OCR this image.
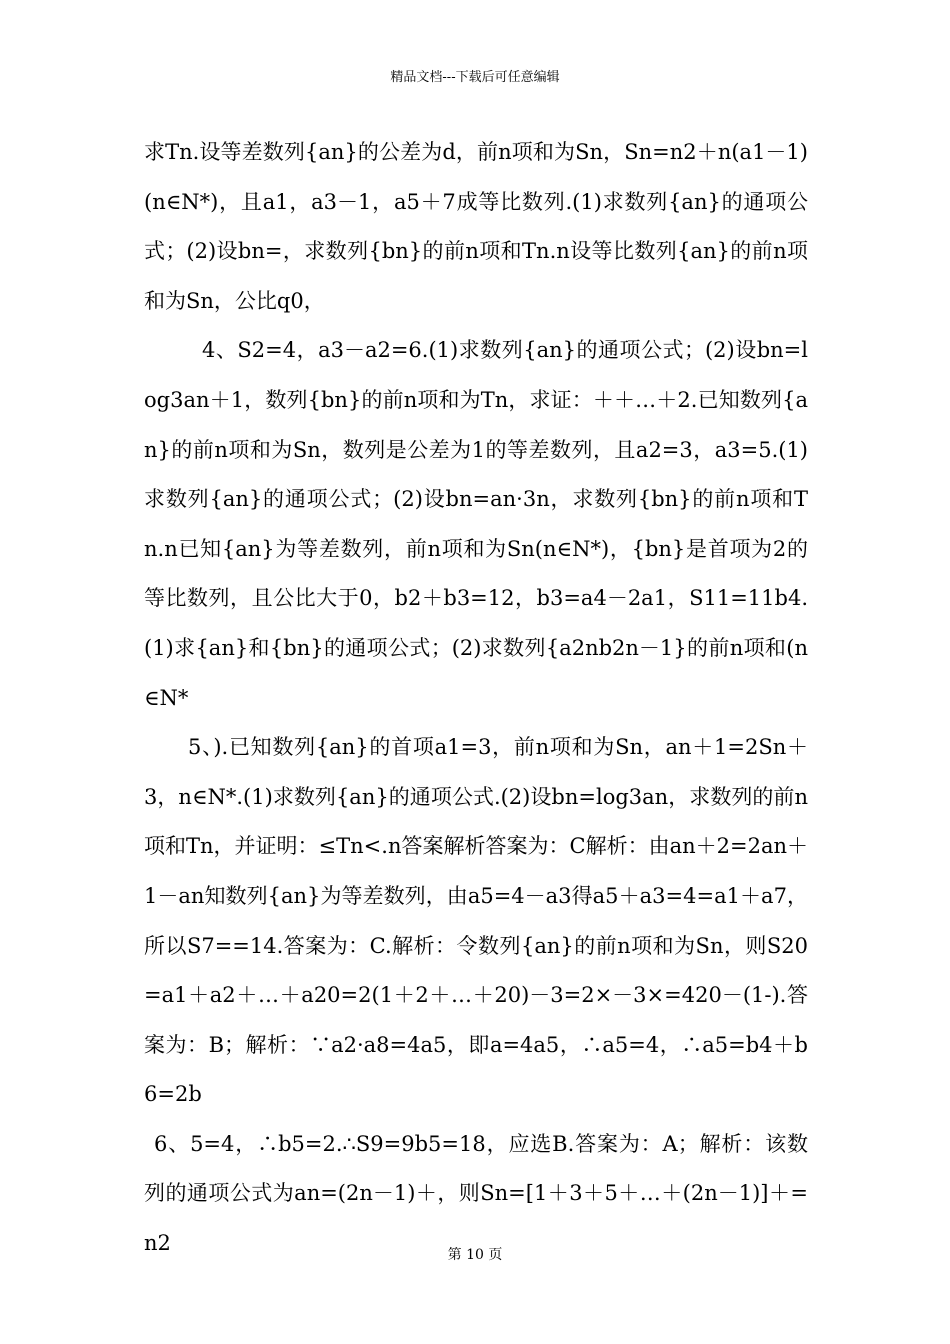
精品文档---下载后可任意编辑

求Tn.设等差数列{an}的公差为d，前n项和为Sn，Sn=n2＋n(a1－1)(n∈N*)，且a1，a3－1，a5＋7成等比数列.(1)求数列{an}的通项公式；(2)设bn=，求数列{bn}的前n项和Tn.n设等比数列{an}的前n项和为Sn，公比q0，

4、S2=4，a3－a2=6.(1)求数列{an}的通项公式；(2)设bn=log3an＋1，数列{bn}的前n项和为Tn，求证：＋＋…＋2.已知数列{an}的前n项和为Sn，数列是公差为1的等差数列，且a2=3，a3=5.(1)求数列{an}的通项公式；(2)设bn=an·3n，求数列{bn}的前n项和Tn.n已知{an}为等差数列，前n项和为Sn(n∈N*)，{bn}是首项为2的等比数列，且公比大于0，b2＋b3=12，b3=a4－2a1，S11=11b4.(1)求{an}和{bn}的通项公式；(2)求数列{a2nb2n－1}的前n项和(n∈N*

5、).已知数列{an}的首项a1=3，前n项和为Sn，an＋1=2Sn＋3，n∈N*.(1)求数列{an}的通项公式.(2)设bn=log3an，求数列的前n项和Tn，并证明：≤Tn<.n答案解析答案为：C解析：由an＋2=2an＋1－an知数列{an}为等差数列，由a5=4－a3得a5＋a3=4=a1＋a7，所以S7==14.答案为：C.解析：令数列{an}的前n项和为Sn，则S20=a1＋a2＋…＋a20=2(1＋2＋…＋20)－3=2×－3×=420－(1-).答案为：B；解析：∵a2·a8=4a5，即a=4a5，∴a5=4，∴a5=b4＋b6=2b

6、5=4，∴b5=2.∴S9=9b5=18，应选B.答案为：A；解析：该数列的通项公式为an=(2n－1)＋，则Sn=[1＋3＋5＋…＋(2n－1)]＋=n2	第 10 页
